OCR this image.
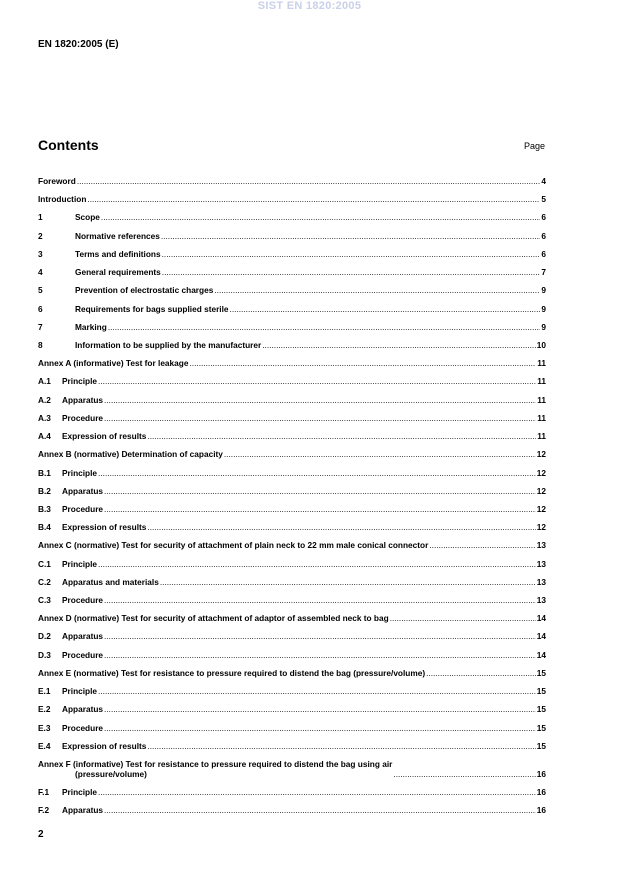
SIST EN 1820:2005
EN 1820:2005 (E)
Contents	Page
Foreword .....	4
Introduction .....	5
1	Scope .....	6
2	Normative references .....	6
3	Terms and definitions .....	6
4	General requirements .....	7
5	Prevention of electrostatic charges .....	9
6	Requirements for bags supplied sterile .....	9
7	Marking .....	9
8	Information to be supplied by the manufacturer .....	10
Annex A (informative) Test for leakage .....	11
A.1	Principle .....	11
A.2	Apparatus .....	11
A.3	Procedure .....	11
A.4	Expression of results .....	11
Annex B (normative) Determination of capacity .....	12
B.1	Principle .....	12
B.2	Apparatus .....	12
B.3	Procedure .....	12
B.4	Expression of results .....	12
Annex C (normative) Test for security of attachment of plain neck to 22 mm male conical connector .....	13
C.1	Principle .....	13
C.2	Apparatus and materials .....	13
C.3	Procedure .....	13
Annex D (normative) Test for security of attachment of adaptor of assembled neck to bag .....	14
D.2	Apparatus .....	14
D.3	Procedure .....	14
Annex E (normative) Test for resistance to pressure required to distend the bag (pressure/volume) .....	15
E.1	Principle .....	15
E.2	Apparatus .....	15
E.3	Procedure .....	15
E.4	Expression of results .....	15
Annex F (informative) Test for resistance to pressure required to distend the bag using air
(pressure/volume) .....	16
F.1	Principle .....	16
F.2	Apparatus .....	16
2
